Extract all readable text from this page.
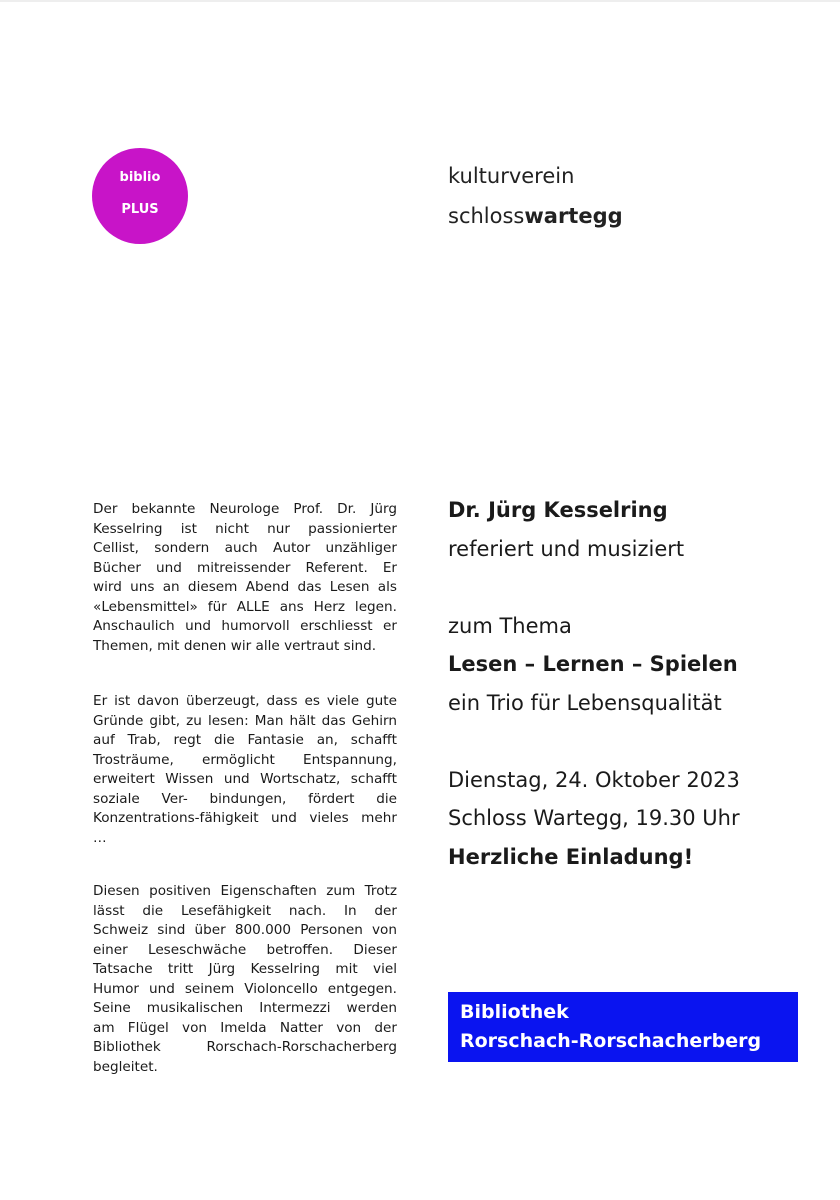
biblio
PLUS
kulturverein
schlosswartegg
Der bekannte Neurologe Prof. Dr. Jürg
Kesselring ist nicht nur passionierter
Cellist, sondern auch Autor unzähliger
Bücher und mitreissender Referent. Er
wird uns an diesem Abend das Lesen als
«Lebensmittel» für ALLE ans Herz legen.
Anschaulich und humorvoll erschliesst er
Themen, mit denen wir alle vertraut sind.
Er ist davon überzeugt, dass es viele gute
Gründe gibt, zu lesen: Man hält das Gehirn
auf Trab, regt die Fantasie an, schafft
Trosträume, ermöglicht Entspannung,
erweitert Wissen und Wortschatz, schafft
soziale Ver- bindungen, fördert die
Konzentrations-fähigkeit und vieles mehr
…
Diesen positiven Eigenschaften zum Trotz
lässt die Lesefähigkeit nach. In der
Schweiz sind über 800.000 Personen von
einer Leseschwäche betroffen. Dieser
Tatsache tritt Jürg Kesselring mit viel
Humor und seinem Violoncello entgegen.
Seine musikalischen Intermezzi werden
am Flügel von Imelda Natter von der
Bibliothek Rorschach-Rorschacherberg
begleitet.
Dr. Jürg Kesselring
referiert und musiziert
zum Thema
Lesen – Lernen – Spielen
ein Trio für Lebensqualität
Dienstag, 24. Oktober 2023
Schloss Wartegg, 19.30 Uhr
Herzliche Einladung!
Bibliothek
Rorschach-Rorschacherberg
